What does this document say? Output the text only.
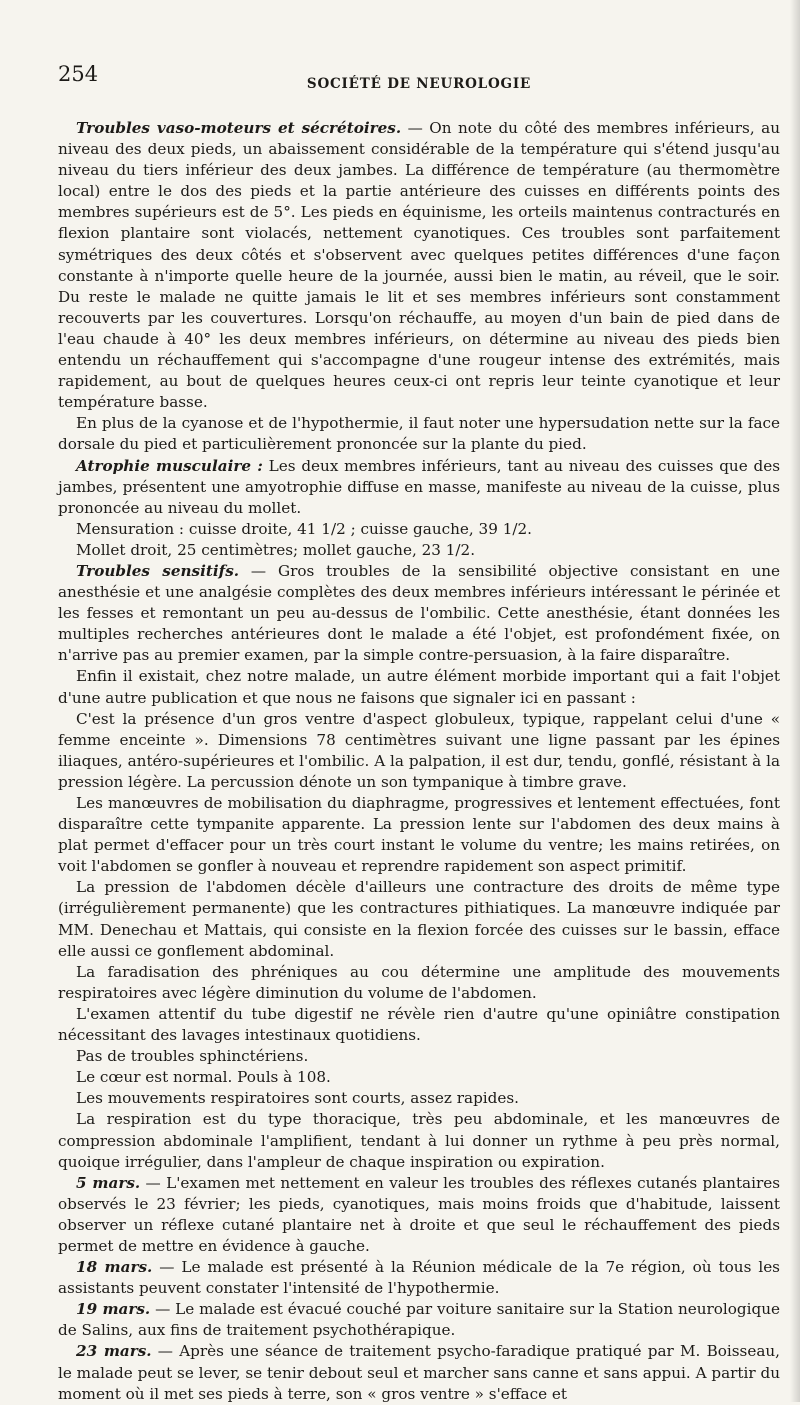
254	SOCIÉTÉ DE NEUROLOGIE

Troubles vaso-moteurs et sécrétoires. — On note du côté des membres inférieurs, au niveau des deux pieds, un abaissement considérable de la température qui s'étend jusqu'au niveau du tiers inférieur des deux jambes. La différence de température (au thermomètre local) entre le dos des pieds et la partie antérieure des cuisses en différents points des membres supérieurs est de 5°. Les pieds en équinisme, les orteils maintenus contracturés en flexion plantaire sont violacés, nettement cyanotiques. Ces troubles sont parfaitement symétriques des deux côtés et s'observent avec quelques petites différences d'une façon constante à n'importe quelle heure de la journée, aussi bien le matin, au réveil, que le soir. Du reste le malade ne quitte jamais le lit et ses membres inférieurs sont constamment recouverts par les couvertures. Lorsqu'on réchauffe, au moyen d'un bain de pied dans de l'eau chaude à 40° les deux membres inférieurs, on détermine au niveau des pieds bien entendu un réchauffement qui s'accompagne d'une rougeur intense des extrémités, mais rapidement, au bout de quelques heures ceux-ci ont repris leur teinte cyanotique et leur température basse.

En plus de la cyanose et de l'hypothermie, il faut noter une hypersudation nette sur la face dorsale du pied et particulièrement prononcée sur la plante du pied.

Atrophie musculaire : Les deux membres inférieurs, tant au niveau des cuisses que des jambes, présentent une amyotrophie diffuse en masse, manifeste au niveau de la cuisse, plus prononcée au niveau du mollet.

Mensuration : cuisse droite, 41 1/2 ; cuisse gauche, 39 1/2.

Mollet droit, 25 centimètres; mollet gauche, 23 1/2.

Troubles sensitifs. — Gros troubles de la sensibilité objective consistant en une anesthésie et une analgésie complètes des deux membres inférieurs intéressant le périnée et les fesses et remontant un peu au-dessus de l'ombilic. Cette anesthésie, étant données les multiples recherches antérieures dont le malade a été l'objet, est profondément fixée, on n'arrive pas au premier examen, par la simple contre-persuasion, à la faire disparaître.

Enfin il existait, chez notre malade, un autre élément morbide important qui a fait l'objet d'une autre publication et que nous ne faisons que signaler ici en passant :

C'est la présence d'un gros ventre d'aspect globuleux, typique, rappelant celui d'une « femme enceinte ». Dimensions 78 centimètres suivant une ligne passant par les épines iliaques, antéro-supérieures et l'ombilic. A la palpation, il est dur, tendu, gonflé, résistant à la pression légère. La percussion dénote un son tympanique à timbre grave.

Les manœuvres de mobilisation du diaphragme, progressives et lentement effectuées, font disparaître cette tympanite apparente. La pression lente sur l'abdomen des deux mains à plat permet d'effacer pour un très court instant le volume du ventre; les mains retirées, on voit l'abdomen se gonfler à nouveau et reprendre rapidement son aspect primitif.

La pression de l'abdomen décèle d'ailleurs une contracture des droits de même type (irrégulièrement permanente) que les contractures pithiatiques. La manœuvre indiquée par MM. Denechau et Mattais, qui consiste en la flexion forcée des cuisses sur le bassin, efface elle aussi ce gonflement abdominal.

La faradisation des phréniques au cou détermine une amplitude des mouvements respiratoires avec légère diminution du volume de l'abdomen.

L'examen attentif du tube digestif ne révèle rien d'autre qu'une opiniâtre constipation nécessitant des lavages intestinaux quotidiens.

Pas de troubles sphinctériens.

Le cœur est normal. Pouls à 108.

Les mouvements respiratoires sont courts, assez rapides.

La respiration est du type thoracique, très peu abdominale, et les manœuvres de compression abdominale l'amplifient, tendant à lui donner un rythme à peu près normal, quoique irrégulier, dans l'ampleur de chaque inspiration ou expiration.

5 mars. — L'examen met nettement en valeur les troubles des réflexes cutanés plantaires observés le 23 février; les pieds, cyanotiques, mais moins froids que d'habitude, laissent observer un réflexe cutané plantaire net à droite et que seul le réchauffement des pieds permet de mettre en évidence à gauche.

18 mars. — Le malade est présenté à la Réunion médicale de la 7e région, où tous les assistants peuvent constater l'intensité de l'hypothermie.

19 mars. — Le malade est évacué couché par voiture sanitaire sur la Station neurologique de Salins, aux fins de traitement psychothérapique.

23 mars. — Après une séance de traitement psycho-faradique pratiqué par M. Boisseau, le malade peut se lever, se tenir debout seul et marcher sans canne et sans appui. A partir du moment où il met ses pieds à terre, son « gros ventre » s'efface et
